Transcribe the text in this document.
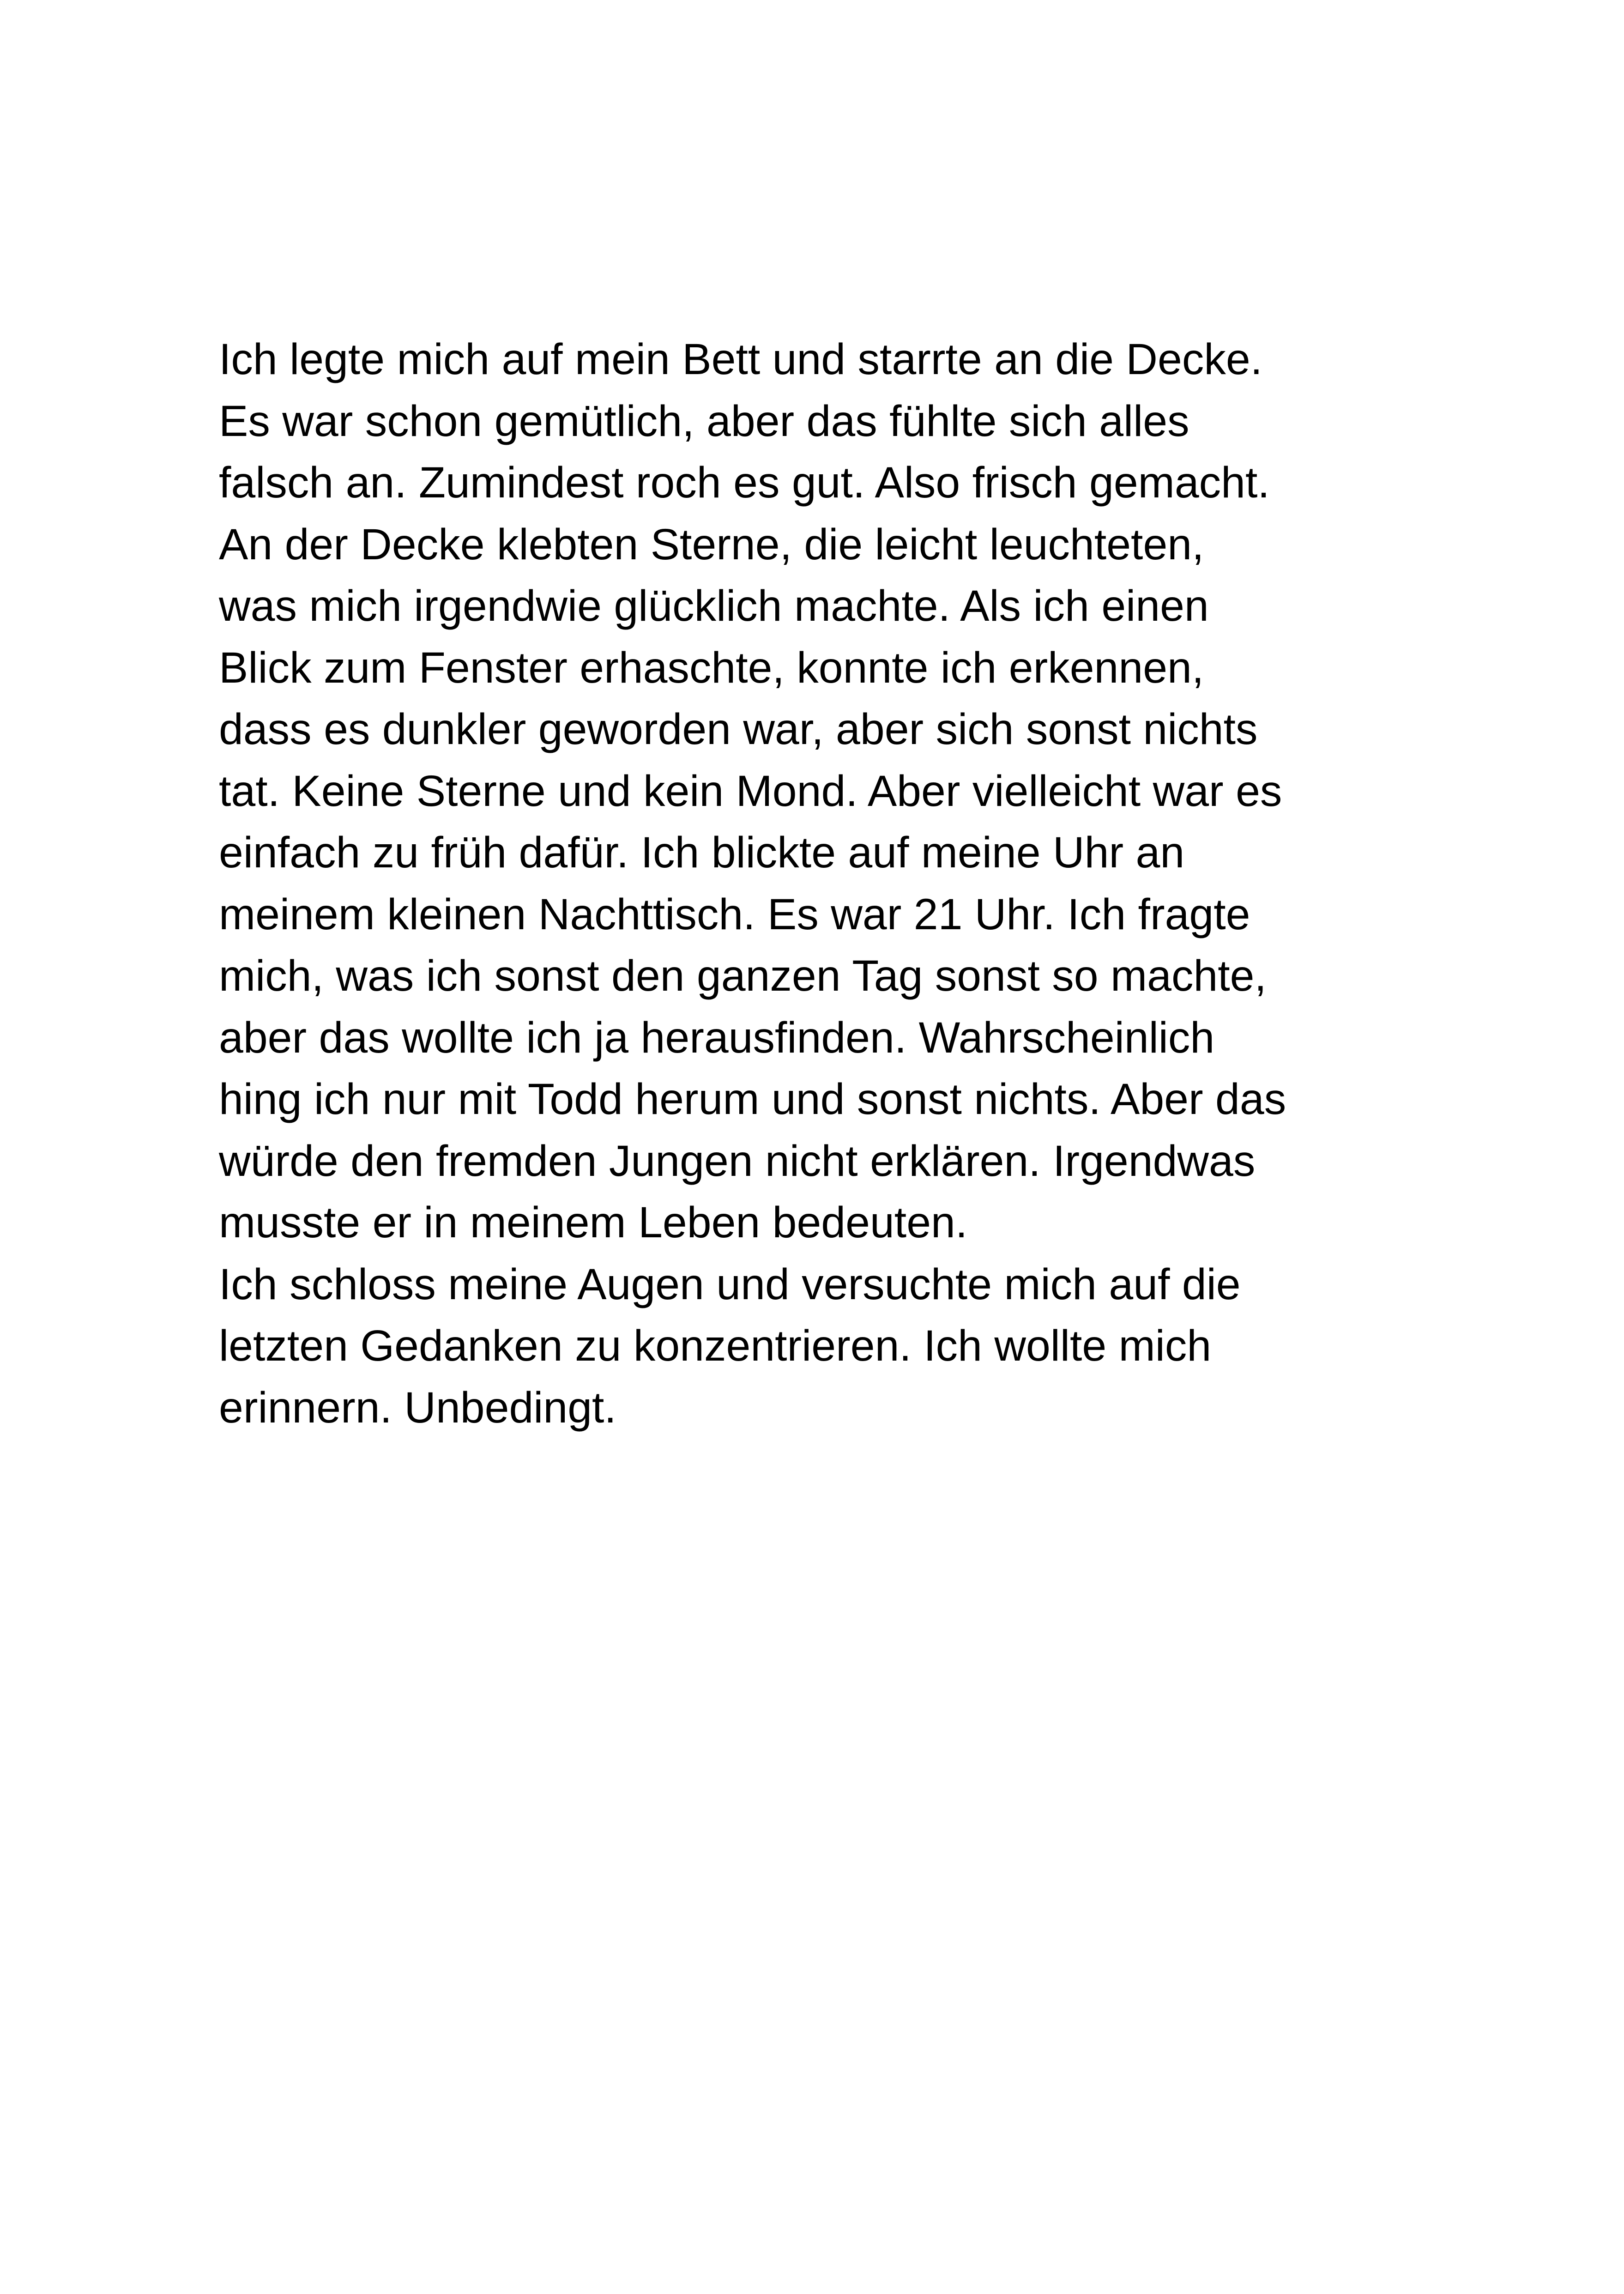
Ich legte mich auf mein Bett und starrte an die Decke.
Es war schon gemütlich, aber das fühlte sich alles
falsch an. Zumindest roch es gut. Also frisch gemacht.
An der Decke klebten Sterne, die leicht leuchteten,
was mich irgendwie glücklich machte. Als ich einen
Blick zum Fenster erhaschte, konnte ich erkennen,
dass es dunkler geworden war, aber sich sonst nichts
tat. Keine Sterne und kein Mond. Aber vielleicht war es
einfach zu früh dafür. Ich blickte auf meine Uhr an
meinem kleinen Nachttisch. Es war 21 Uhr. Ich fragte
mich, was ich sonst den ganzen Tag sonst so machte,
aber das wollte ich ja herausfinden. Wahrscheinlich
hing ich nur mit Todd herum und sonst nichts. Aber das
würde den fremden Jungen nicht erklären. Irgendwas
musste er in meinem Leben bedeuten.
Ich schloss meine Augen und versuchte mich auf die
letzten Gedanken zu konzentrieren. Ich wollte mich
erinnern. Unbedingt.
